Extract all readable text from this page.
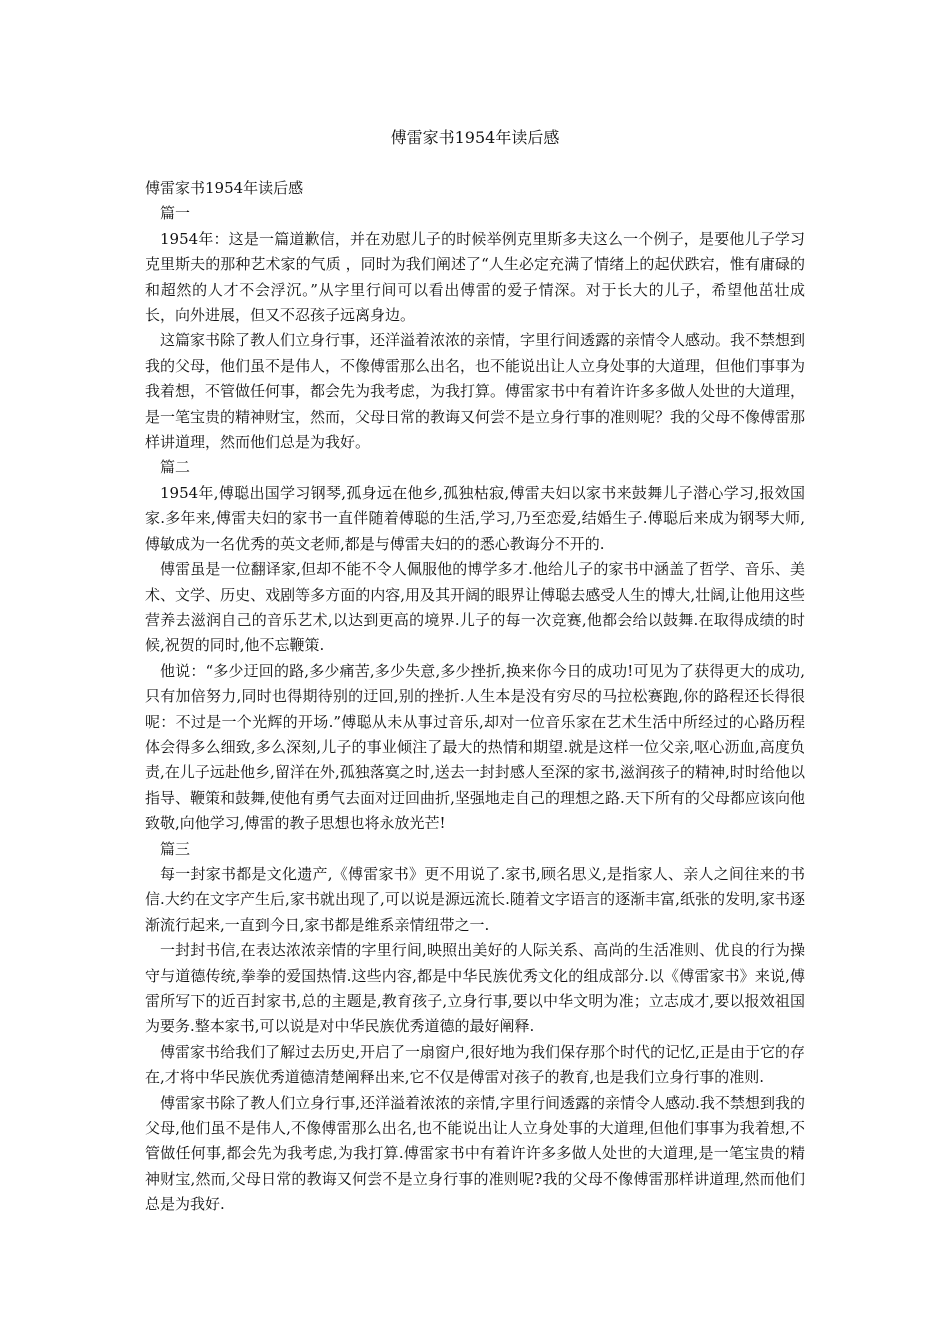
傅雷家书1954年读后感

傅雷家书1954年读后感

篇一

1954年：这是一篇道歉信，并在劝慰儿子的时候举例克里斯多夫这么一个例子，是要他儿子学习克里斯夫的那种艺术家的气质 ，同时为我们阐述了“人生必定充满了情绪上的起伏跌宕，惟有庸碌的和超然的人才不会浮沉。”从字里行间可以看出傅雷的爱子情深。对于长大的儿子，希望他茁壮成长，向外进展，但又不忍孩子远离身边。

这篇家书除了教人们立身行事，还洋溢着浓浓的亲情，字里行间透露的亲情令人感动。我不禁想到我的父母，他们虽不是伟人，不像傅雷那么出名，也不能说出让人立身处事的大道理，但他们事事为我着想，不管做任何事，都会先为我考虑，为我打算。傅雷家书中有着许许多多做人处世的大道理，是一笔宝贵的精神财宝，然而，父母日常的教诲又何尝不是立身行事的准则呢？我的父母不像傅雷那样讲道理，然而他们总是为我好。

篇二

1954年,傅聪出国学习钢琴,孤身远在他乡,孤独枯寂,傅雷夫妇以家书来鼓舞儿子潜心学习,报效国家.多年来,傅雷夫妇的家书一直伴随着傅聪的生活,学习,乃至恋爱,结婚生子.傅聪后来成为钢琴大师,傅敏成为一名优秀的英文老师,都是与傅雷夫妇的的悉心教诲分不开的.

傅雷虽是一位翻译家,但却不能不令人佩服他的博学多才.他给儿子的家书中涵盖了哲学、音乐、美术、文学、历史、戏剧等多方面的内容,用及其开阔的眼界让傅聪去感受人生的博大,壮阔,让他用这些营养去滋润自己的音乐艺术,以达到更高的境界.儿子的每一次竞赛,他都会给以鼓舞.在取得成绩的时候,祝贺的同时,他不忘鞭策.

他说：“多少迂回的路,多少痛苦,多少失意,多少挫折,换来你今日的成功!可见为了获得更大的成功,只有加倍努力,同时也得期待别的迂回,别的挫折.人生本是没有穷尽的马拉松赛跑,你的路程还长得很呢：不过是一个光辉的开场.”傅聪从未从事过音乐,却对一位音乐家在艺术生活中所经过的心路历程体会得多么细致,多么深刻,儿子的事业倾注了最大的热情和期望.就是这样一位父亲,呕心沥血,高度负责,在儿子远赴他乡,留洋在外,孤独落寞之时,送去一封封感人至深的家书,滋润孩子的精神,时时给他以指导、鞭策和鼓舞,使他有勇气去面对迂回曲折,坚强地走自己的理想之路.天下所有的父母都应该向他致敬,向他学习,傅雷的教子思想也将永放光芒!

篇三

每一封家书都是文化遗产,《傅雷家书》更不用说了.家书,顾名思义,是指家人、亲人之间往来的书信.大约在文字产生后,家书就出现了,可以说是源远流长.随着文字语言的逐渐丰富,纸张的发明,家书逐渐流行起来,一直到今日,家书都是维系亲情纽带之一.

一封封书信,在表达浓浓亲情的字里行间,映照出美好的人际关系、高尚的生活准则、优良的行为操守与道德传统,拳拳的爱国热情.这些内容,都是中华民族优秀文化的组成部分.以《傅雷家书》来说,傅雷所写下的近百封家书,总的主题是,教育孩子,立身行事,要以中华文明为准；立志成才,要以报效祖国为要务.整本家书,可以说是对中华民族优秀道德的最好阐释.

傅雷家书给我们了解过去历史,开启了一扇窗户,很好地为我们保存那个时代的记忆,正是由于它的存在,才将中华民族优秀道德清楚阐释出来,它不仅是傅雷对孩子的教育,也是我们立身行事的准则.

傅雷家书除了教人们立身行事,还洋溢着浓浓的亲情,字里行间透露的亲情令人感动.我不禁想到我的父母,他们虽不是伟人,不像傅雷那么出名,也不能说出让人立身处事的大道理,但他们事事为我着想,不管做任何事,都会先为我考虑,为我打算.傅雷家书中有着许许多多做人处世的大道理,是一笔宝贵的精神财宝,然而,父母日常的教诲又何尝不是立身行事的准则呢?我的父母不像傅雷那样讲道理,然而他们总是为我好.
